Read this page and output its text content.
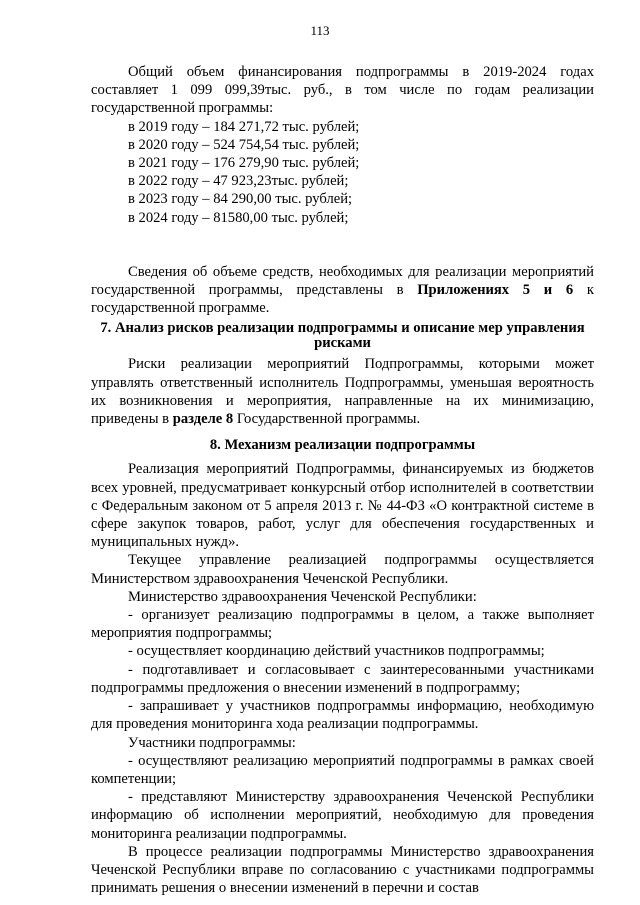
113

Общий объем финансирования подпрограммы в 2019-2024 годах составляет 1 099 099,39тыс. руб., в том числе по годам реализации государственной программы:

в 2019 году – 184 271,72 тыс. рублей;

в 2020 году – 524 754,54 тыс. рублей;

в 2021 году – 176 279,90 тыс. рублей;

в 2022 году – 47 923,23тыс. рублей;

в 2023 году – 84 290,00 тыс. рублей;

в 2024 году – 81580,00 тыс. рублей;

Сведения об объеме средств, необходимых для реализации мероприятий государственной программы, представлены в Приложениях 5 и 6 к государственной программе.

7. Анализ рисков реализации подпрограммы и описание мер управления рисками

Риски реализации мероприятий Подпрограммы, которыми может управлять ответственный исполнитель Подпрограммы, уменьшая вероятность их возникновения и мероприятия, направленные на их минимизацию, приведены в разделе 8 Государственной программы.

8. Механизм реализации подпрограммы

Реализация мероприятий Подпрограммы, финансируемых из бюджетов всех уровней, предусматривает конкурсный отбор исполнителей в соответствии с Федеральным законом от 5 апреля 2013 г. № 44-ФЗ «О контрактной системе в сфере закупок товаров, работ, услуг для обеспечения государственных и муниципальных нужд».

Текущее управление реализацией подпрограммы осуществляется Министерством здравоохранения Чеченской Республики.

Министерство здравоохранения Чеченской Республики:

- организует реализацию подпрограммы в целом, а также выполняет мероприятия подпрограммы;

- осуществляет координацию действий участников подпрограммы;

- подготавливает и согласовывает с заинтересованными участниками подпрограммы предложения о внесении изменений в подпрограмму;

- запрашивает у участников подпрограммы информацию, необходимую для проведения мониторинга хода реализации подпрограммы.

Участники подпрограммы:

- осуществляют реализацию мероприятий подпрограммы в рамках своей компетенции;

- представляют Министерству здравоохранения Чеченской Республики информацию об исполнении мероприятий, необходимую для проведения мониторинга реализации подпрограммы.

В процессе реализации подпрограммы Министерство здравоохранения Чеченской Республики вправе по согласованию с участниками подпрограммы принимать решения о внесении изменений в перечни и состав
